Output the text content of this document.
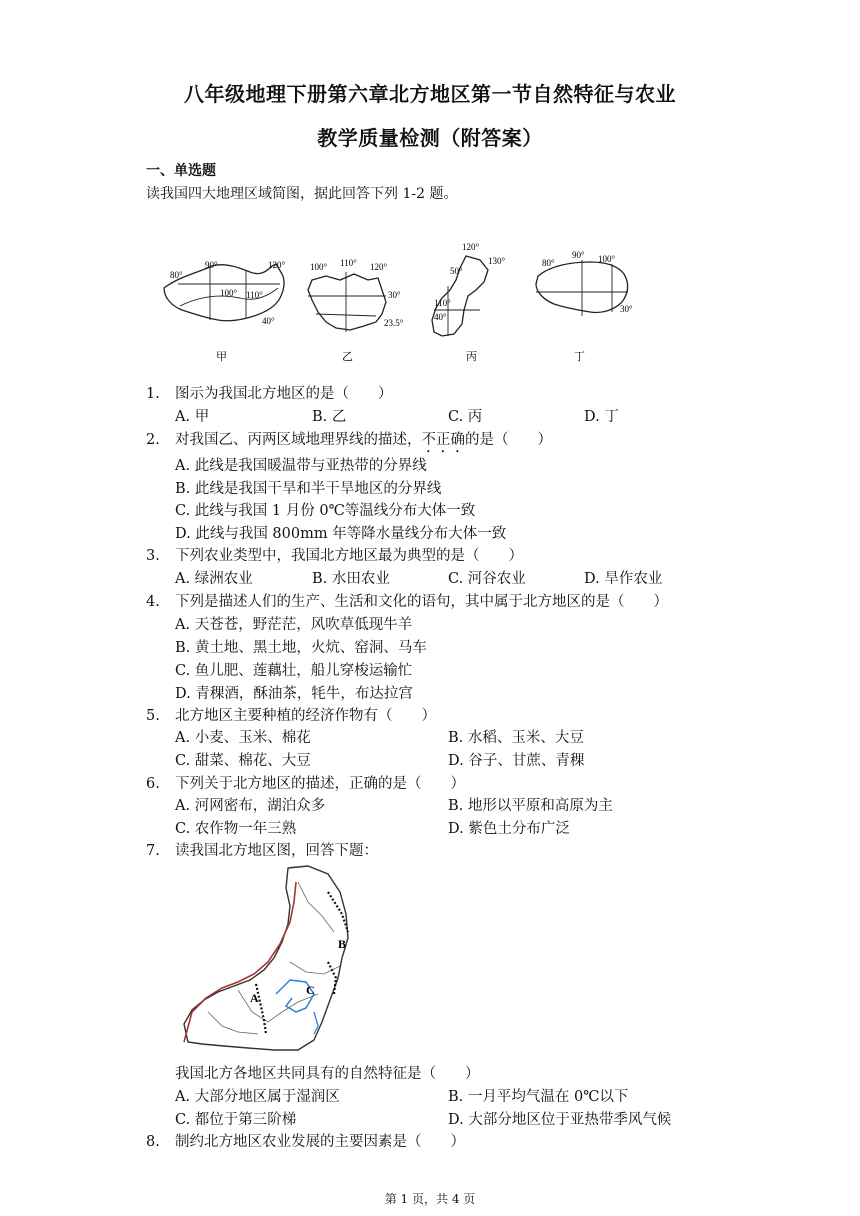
八年级地理下册第六章北方地区第一节自然特征与农业
教学质量检测（附答案）
一、单选题
读我国四大地理区域简图，据此回答下列 1-2 题。
80°
90°
100° 110°
120°
40°
甲
100° 110° 120°
30°
23.5°
乙
120°
130°
110°
50°
40°
丙
80°
90° 100°
30°
丁
1. 图示为我国北方地区的是（　　）
A. 甲	B. 乙	C. 丙	D. 丁
2. 对我国乙、丙两区域地理界线的描述，不正确的是（　　）
A. 此线是我国暖温带与亚热带的分界线
B. 此线是我国干旱和半干旱地区的分界线
C. 此线与我国 1 月份 0℃等温线分布大体一致
D. 此线与我国 800mm 年等降水量线分布大体一致
3. 下列农业类型中，我国北方地区最为典型的是（　　）
A. 绿洲农业	B. 水田农业	C. 河谷农业	D. 旱作农业
4. 下列是描述人们的生产、生活和文化的语句，其中属于北方地区的是（　　）
A. 天苍苍，野茫茫，风吹草低现牛羊
B. 黄土地、黑土地，火炕、窑洞、马车
C. 鱼儿肥、莲藕壮，船儿穿梭运输忙
D. 青稞酒，酥油茶，牦牛，布达拉宫
5. 北方地区主要种植的经济作物有（　　）
A. 小麦、玉米、棉花	B. 水稻、玉米、大豆
C. 甜菜、棉花、大豆	D. 谷子、甘蔗、青稞
6. 下列关于北方地区的描述，正确的是（　　）
A. 河网密布，湖泊众多	B. 地形以平原和高原为主
C. 农作物一年三熟	D. 紫色土分布广泛
7. 读我国北方地区图，回答下题：
A
B
C
我国北方各地区共同具有的自然特征是（　　）
A. 大部分地区属于湿润区	B. 一月平均气温在 0℃以下
C. 都位于第三阶梯	D. 大部分地区位于亚热带季风气候
8. 制约北方地区农业发展的主要因素是（　　）
第 1 页，共 4 页
